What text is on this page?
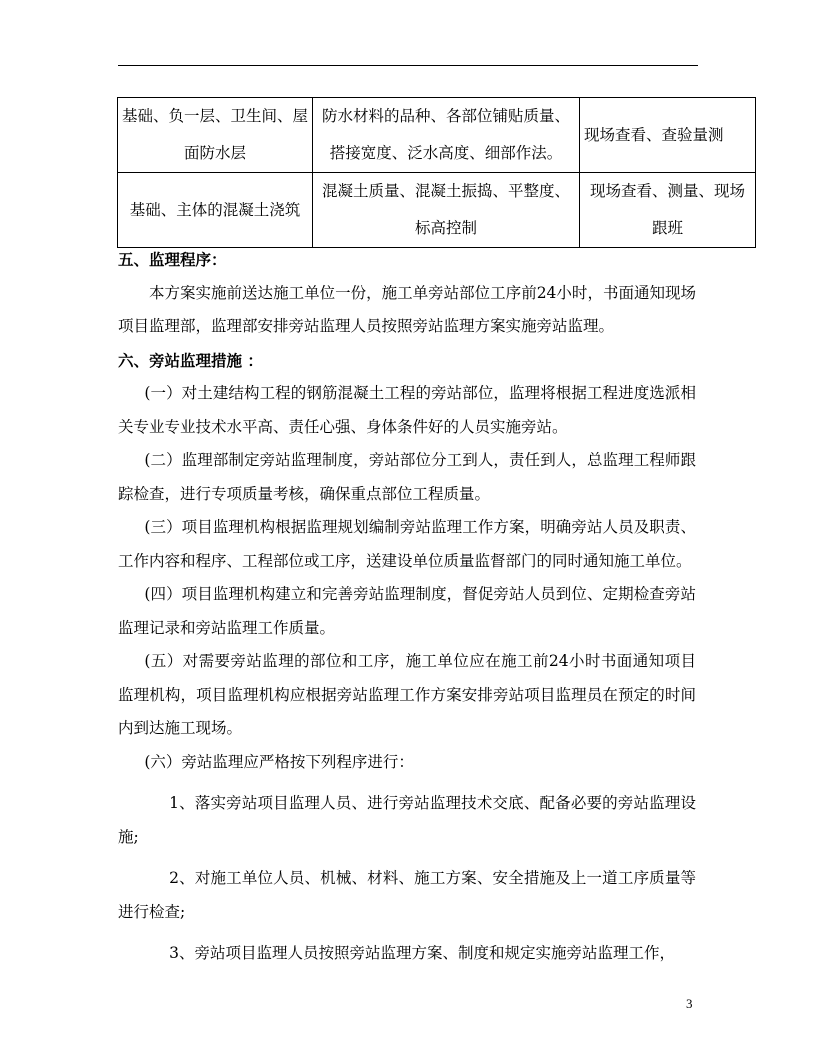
基础、负一层、卫生间、屋面防水层	防水材料的品种、各部位铺贴质量、搭接宽度、泛水高度、细部作法。	现场查看、查验量测
基础、主体的混凝土浇筑	混凝土质量、混凝土振捣、平整度、标高控制	现场查看、测量、现场跟班

五、监理程序：

本方案实施前送达施工单位一份，施工单旁站部位工序前24小时，书面通知现场项目监理部，监理部安排旁站监理人员按照旁站监理方案实施旁站监理。

六、旁站监理措施 ：

(一）对土建结构工程的钢筋混凝土工程的旁站部位，监理将根据工程进度选派相关专业专业技术水平高、责任心强、身体条件好的人员实施旁站。

(二）监理部制定旁站监理制度，旁站部位分工到人，责任到人，总监理工程师跟踪检查，进行专项质量考核，确保重点部位工程质量。

(三）项目监理机构根据监理规划编制旁站监理工作方案，明确旁站人员及职责、工作内容和程序、工程部位或工序，送建设单位质量监督部门的同时通知施工单位。

(四）项目监理机构建立和完善旁站监理制度，督促旁站人员到位、定期检查旁站监理记录和旁站监理工作质量。

(五）对需要旁站监理的部位和工序，施工单位应在施工前24小时书面通知项目监理机构，项目监理机构应根据旁站监理工作方案安排旁站项目监理员在预定的时间内到达施工现场。

(六）旁站监理应严格按下列程序进行：

1、落实旁站项目监理人员、进行旁站监理技术交底、配备必要的旁站监理设施;

2、对施工单位人员、机械、材料、施工方案、安全措施及上一道工序质量等进行检查;

3、旁站项目监理人员按照旁站监理方案、制度和规定实施旁站监理工作，

3
